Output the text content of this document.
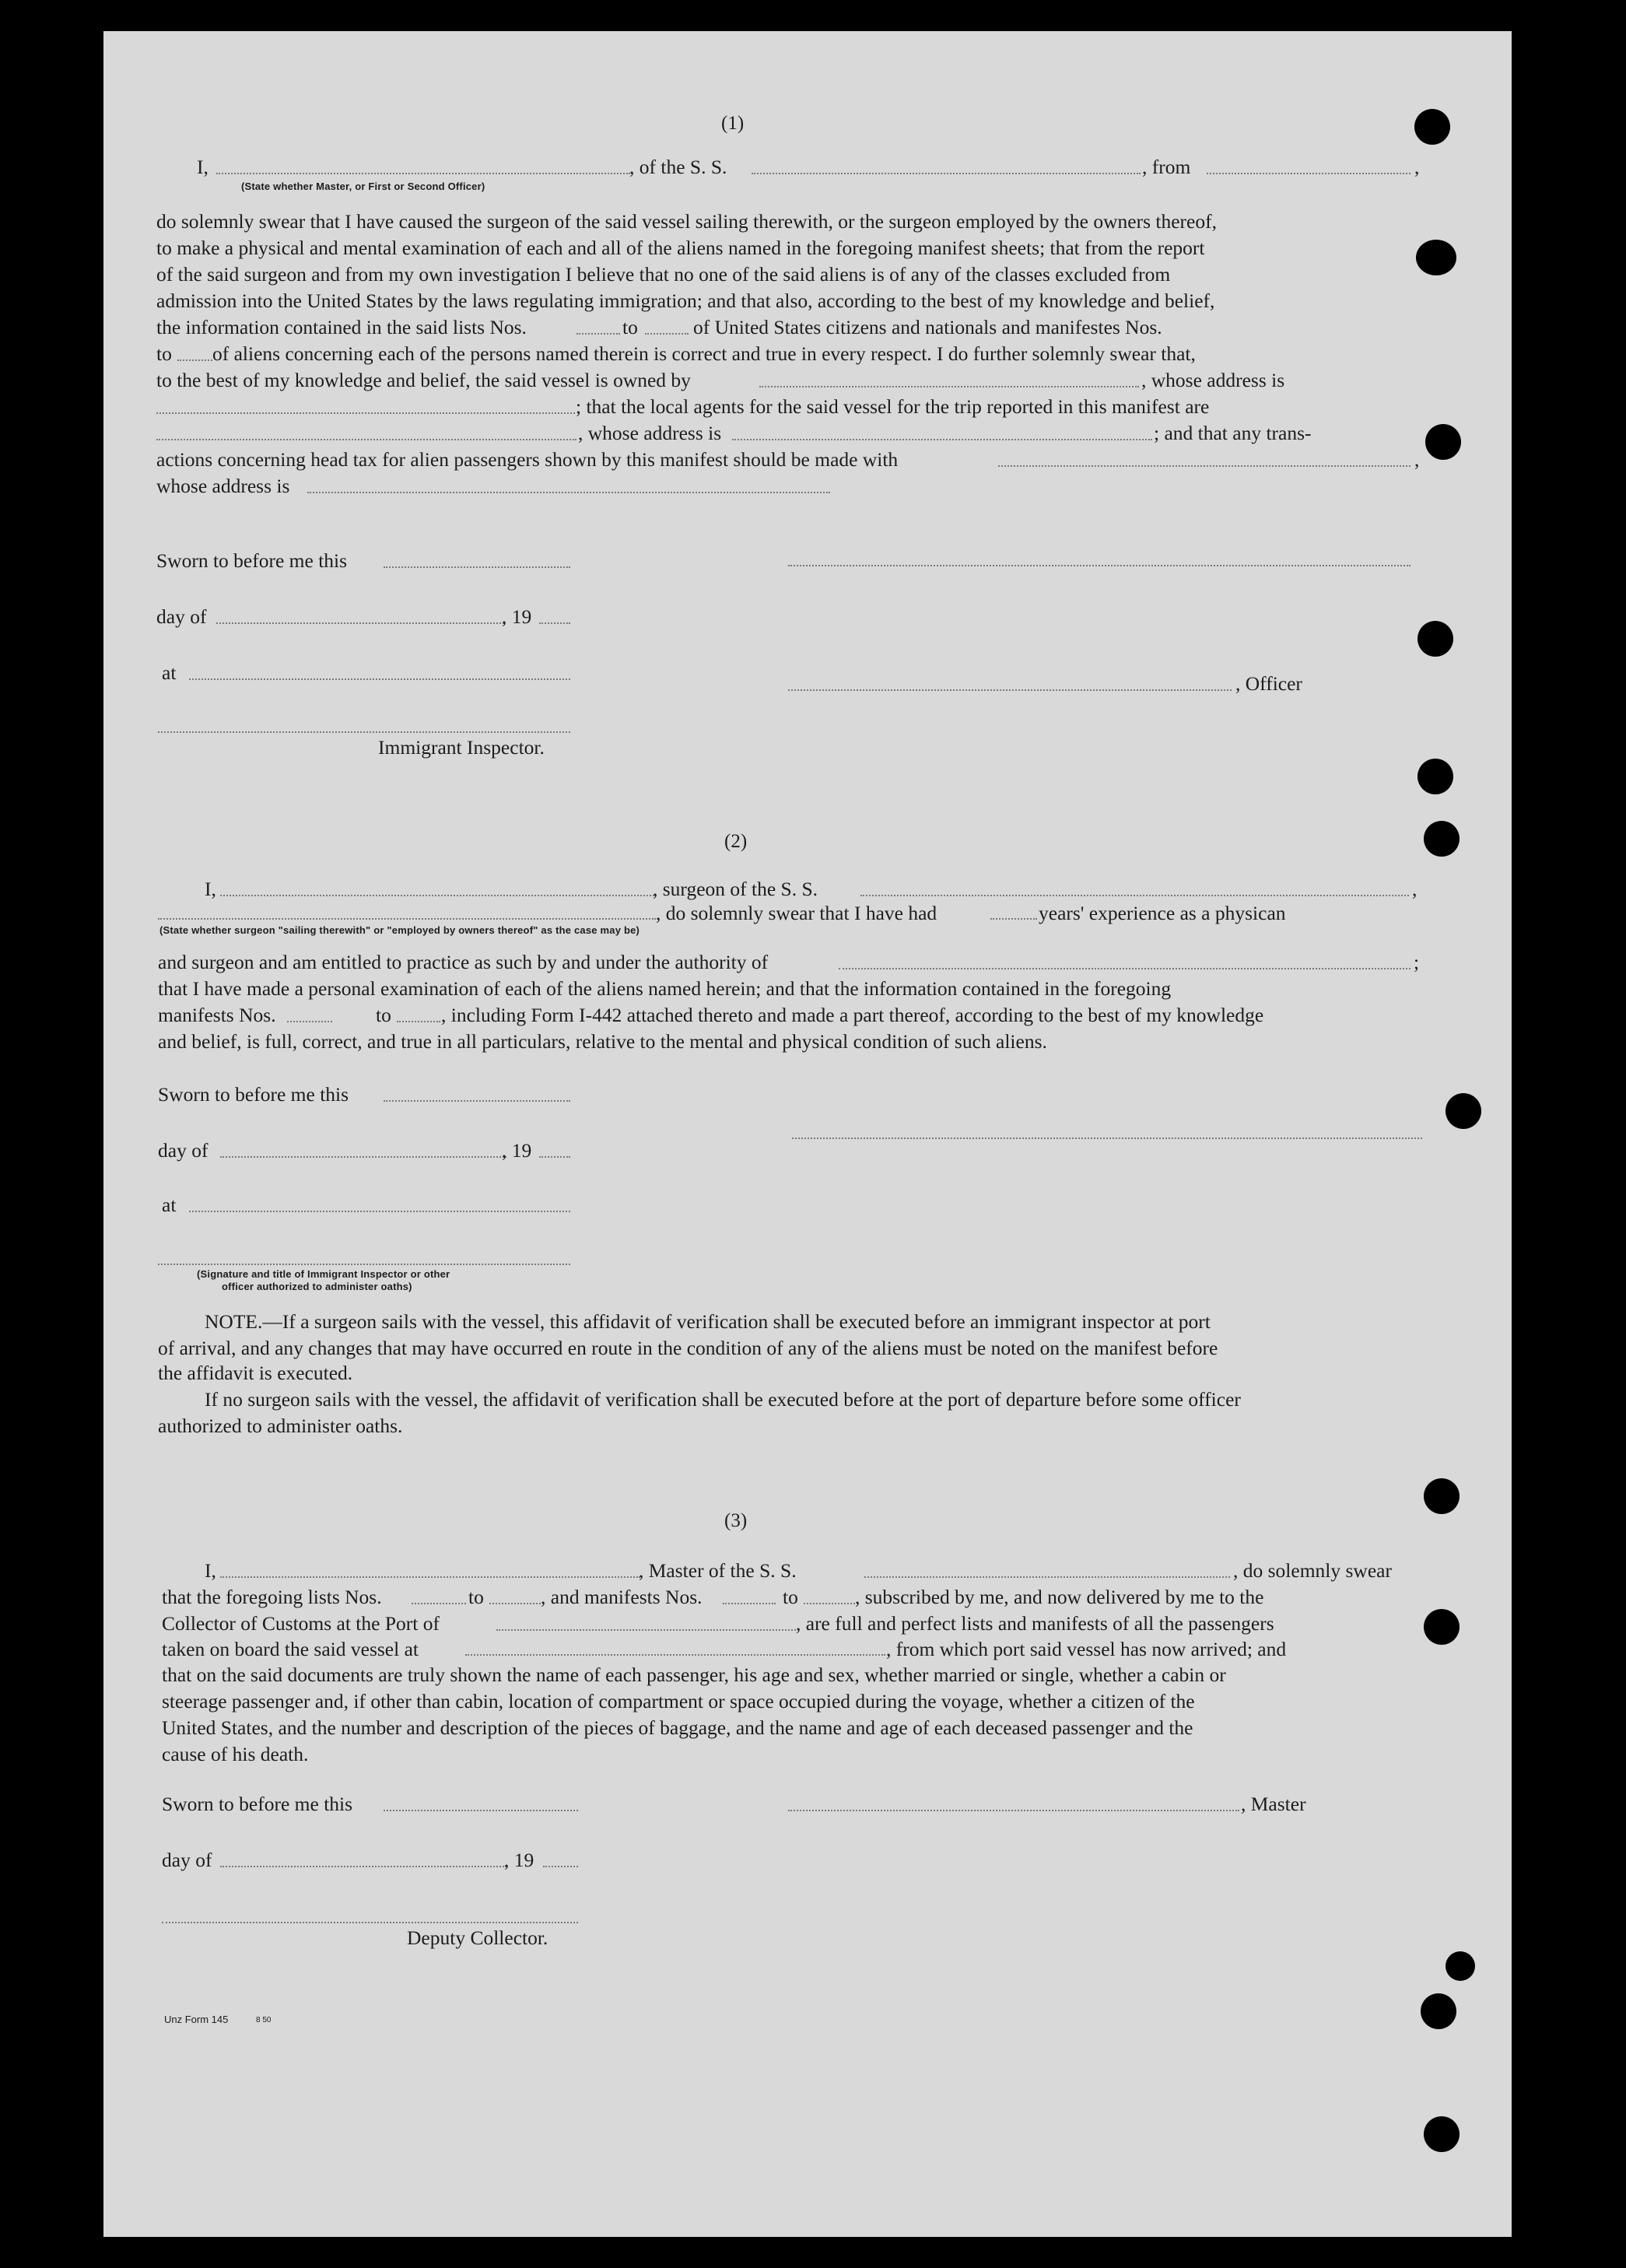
(1)
I,	, of the S. S.	, from	,
(State whether Master, or First or Second Officer)
do solemnly swear that I have caused the surgeon of the said vessel sailing therewith, or the surgeon employed by the owners thereof,
to make a physical and mental examination of each and all of the aliens named in the foregoing manifest sheets; that from the report
of the said surgeon and from my own investigation I believe that no one of the said aliens is of any of the classes excluded from
admission into the United States by the laws regulating immigration; and that also, according to the best of my knowledge and belief,
the information contained in the said lists Nos.	to	of United States citizens and nationals and manifestes Nos.
to of aliens concerning each of the persons named therein is correct and true in every respect. I do further solemnly swear that,
to the best of my knowledge and belief, the said vessel is owned by	, whose address is
; that the local agents for the said vessel for the trip reported in this manifest are
, whose address is	; and that any trans-
actions concerning head tax for alien passengers shown by this manifest should be made with	,
whose address is
Sworn to before me this
day of	, 19
at	, Officer
Immigrant Inspector.
(2)
I,	, surgeon of the S. S.	,
, do solemnly swear that I have had	years' experience as a physican
(State whether surgeon "sailing therewith" or "employed by owners thereof" as the case may be)
and surgeon and am entitled to practice as such by and under the authority of	;
that I have made a personal examination of each of the aliens named herein; and that the information contained in the foregoing
manifests Nos.	to	, including Form I-442 attached thereto and made a part thereof, according to the best of my knowledge
and belief, is full, correct, and true in all particulars, relative to the mental and physical condition of such aliens.
Sworn to before me this
day of	, 19
at
(Signature and title of Immigrant Inspector or other
officer authorized to administer oaths)
NOTE.—If a surgeon sails with the vessel, this affidavit of verification shall be executed before an immigrant inspector at port
of arrival, and any changes that may have occurred en route in the condition of any of the aliens must be noted on the manifest before
the affidavit is executed.
If no surgeon sails with the vessel, the affidavit of verification shall be executed before at the port of departure before some officer
authorized to administer oaths.
(3)
I,	, Master of the S. S.	, do solemnly swear
that the foregoing lists Nos.	to	, and manifests Nos.	to	, subscribed by me, and now delivered by me to the
Collector of Customs at the Port of	, are full and perfect lists and manifests of all the passengers
taken on board the said vessel at	, from which port said vessel has now arrived; and
that on the said documents are truly shown the name of each passenger, his age and sex, whether married or single, whether a cabin or
steerage passenger and, if other than cabin, location of compartment or space occupied during the voyage, whether a citizen of the
United States, and the number and description of the pieces of baggage, and the name and age of each deceased passenger and the
cause of his death.
Sworn to before me this	, Master
day of	, 19
Deputy Collector.
Unz Form 145	8 50
